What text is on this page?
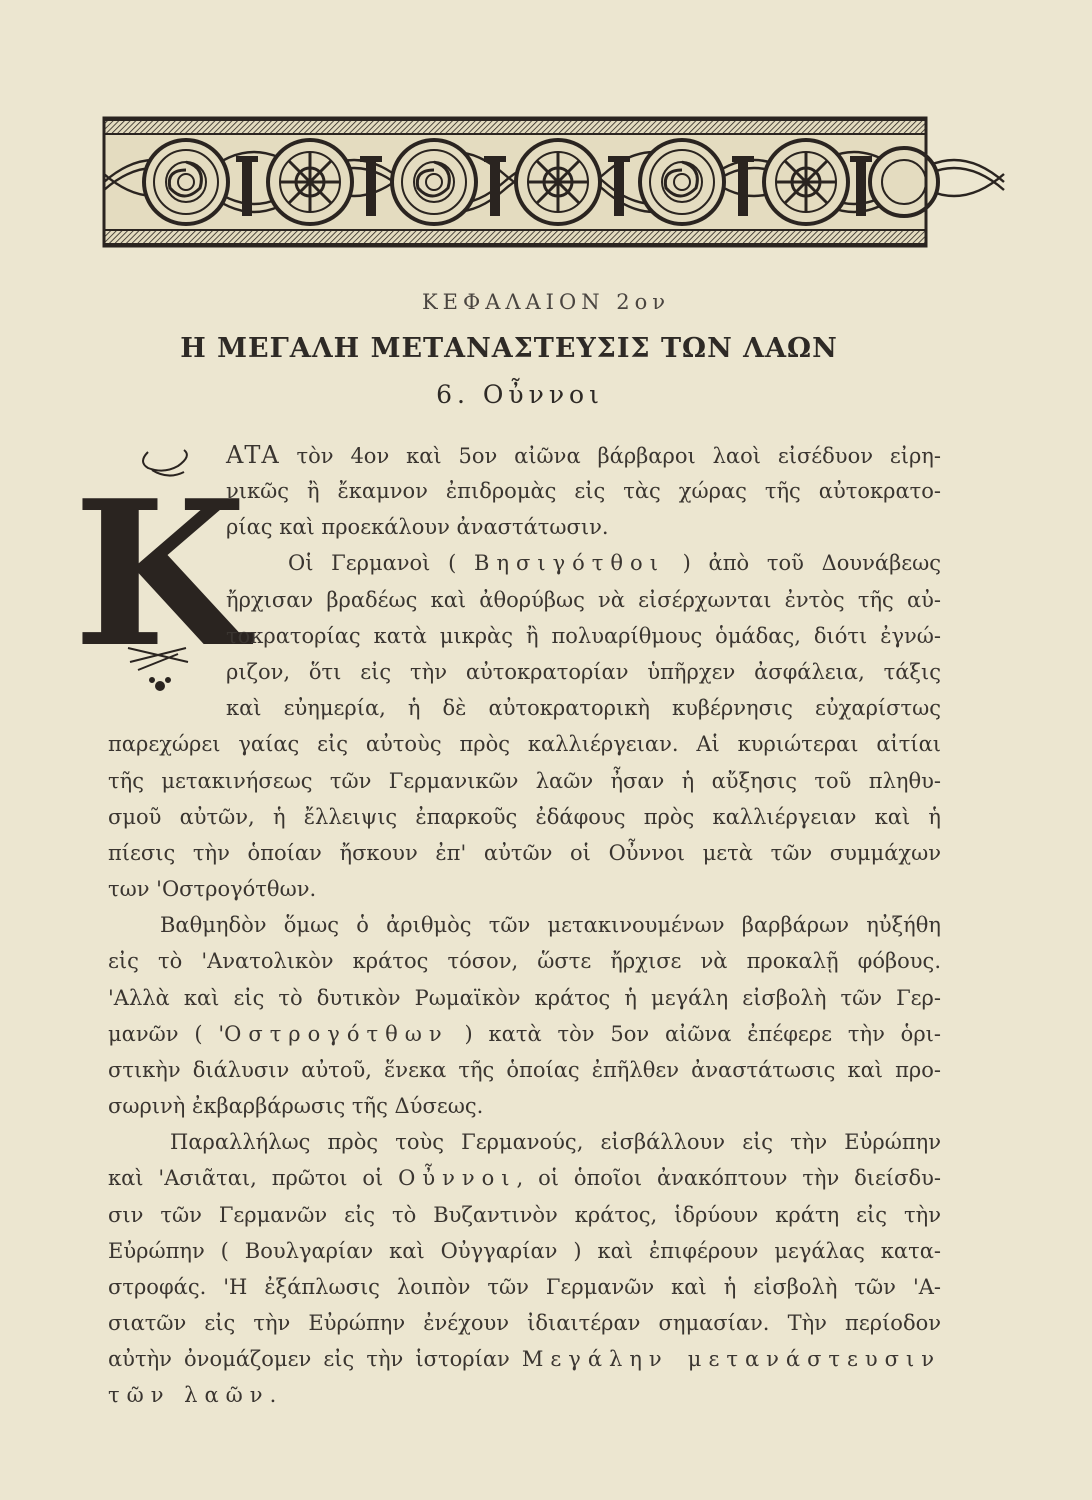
ΚΕΦΑΛΑΙΟΝ 2ον
Η ΜΕΓΑΛΗ ΜΕΤΑΝΑΣΤΕΥΣΙΣ ΤΩΝ ΛΑΩΝ
6. Οὖννοι
Κ
ΑΤΑ τὸν 4ον καὶ 5ον αἰῶνα βάρβαροι λαοὶ εἰσέδυον εἰρη-
νικῶς ἢ ἔκαμνον ἐπιδρομὰς εἰς τὰς χώρας τῆς αὐτοκρατο-
ρίας καὶ προεκάλουν ἀναστάτωσιν.
Οἱ Γερμανοὶ ( Βησιγότθοι ) ἀπὸ τοῦ Δουνάβεως
ἤρχισαν βραδέως καὶ ἀθορύβως νὰ εἰσέρχωνται ἐντὸς τῆς αὐ-
τοκρατορίας κατὰ μικρὰς ἢ πολυαρίθμους ὁμάδας, διότι ἐγνώ-
ριζον, ὅτι εἰς τὴν αὐτοκρατορίαν ὑπῆρχεν ἀσφάλεια, τάξις
καὶ εὐημερία, ἡ δὲ αὐτοκρατορικὴ κυβέρνησις εὐχαρίστως
παρεχώρει γαίας εἰς αὐτοὺς πρὸς καλλιέργειαν. Αἱ κυριώτεραι αἰτίαι
τῆς μετακινήσεως τῶν Γερμανικῶν λαῶν ἦσαν ἡ αὔξησις τοῦ πληθυ-
σμοῦ αὐτῶν, ἡ ἔλλειψις ἐπαρκοῦς ἐδάφους πρὸς καλλιέργειαν καὶ ἡ
πίεσις τὴν ὁποίαν ἤσκουν ἐπ' αὐτῶν οἱ Οὖννοι μετὰ τῶν συμμάχων
των 'Οστρογότθων.
Βαθμηδὸν ὅμως ὁ ἀριθμὸς τῶν μετακινουμένων βαρβάρων ηὐξήθη
εἰς τὸ 'Ανατολικὸν κράτος τόσον, ὥστε ἤρχισε νὰ προκαλῇ φόβους.
'Αλλὰ καὶ εἰς τὸ δυτικὸν Ρωμαϊκὸν κράτος ἡ μεγάλη εἰσβολὴ τῶν Γερ-
μανῶν ( 'Οστρογότθων ) κατὰ τὸν 5ον αἰῶνα ἐπέφερε τὴν ὁρι-
στικὴν διάλυσιν αὐτοῦ, ἕνεκα τῆς ὁποίας ἐπῆλθεν ἀναστάτωσις καὶ προ-
σωρινὴ ἐκβαρβάρωσις τῆς Δύσεως.
Παραλλήλως πρὸς τοὺς Γερμανούς, εἰσβάλλουν εἰς τὴν Εὐρώπην
καὶ 'Ασιᾶται, πρῶτοι οἱ Οὖννοι, οἱ ὁποῖοι ἀνακόπτουν τὴν διείσδυ-
σιν τῶν Γερμανῶν εἰς τὸ Βυζαντινὸν κράτος, ἱδρύουν κράτη εἰς τὴν
Εὐρώπην ( Βουλγαρίαν καὶ Οὐγγαρίαν ) καὶ ἐπιφέρουν μεγάλας κατα-
στροφάς. 'Η ἐξάπλωσις λοιπὸν τῶν Γερμανῶν καὶ ἡ εἰσβολὴ τῶν 'Α-
σιατῶν εἰς τὴν Εὐρώπην ἐνέχουν ἰδιαιτέραν σημασίαν. Τὴν περίοδον
αὐτὴν ὀνομάζομεν εἰς τὴν ἱστορίαν Μεγάλην μετανάστευσιν
τῶν λαῶν.
